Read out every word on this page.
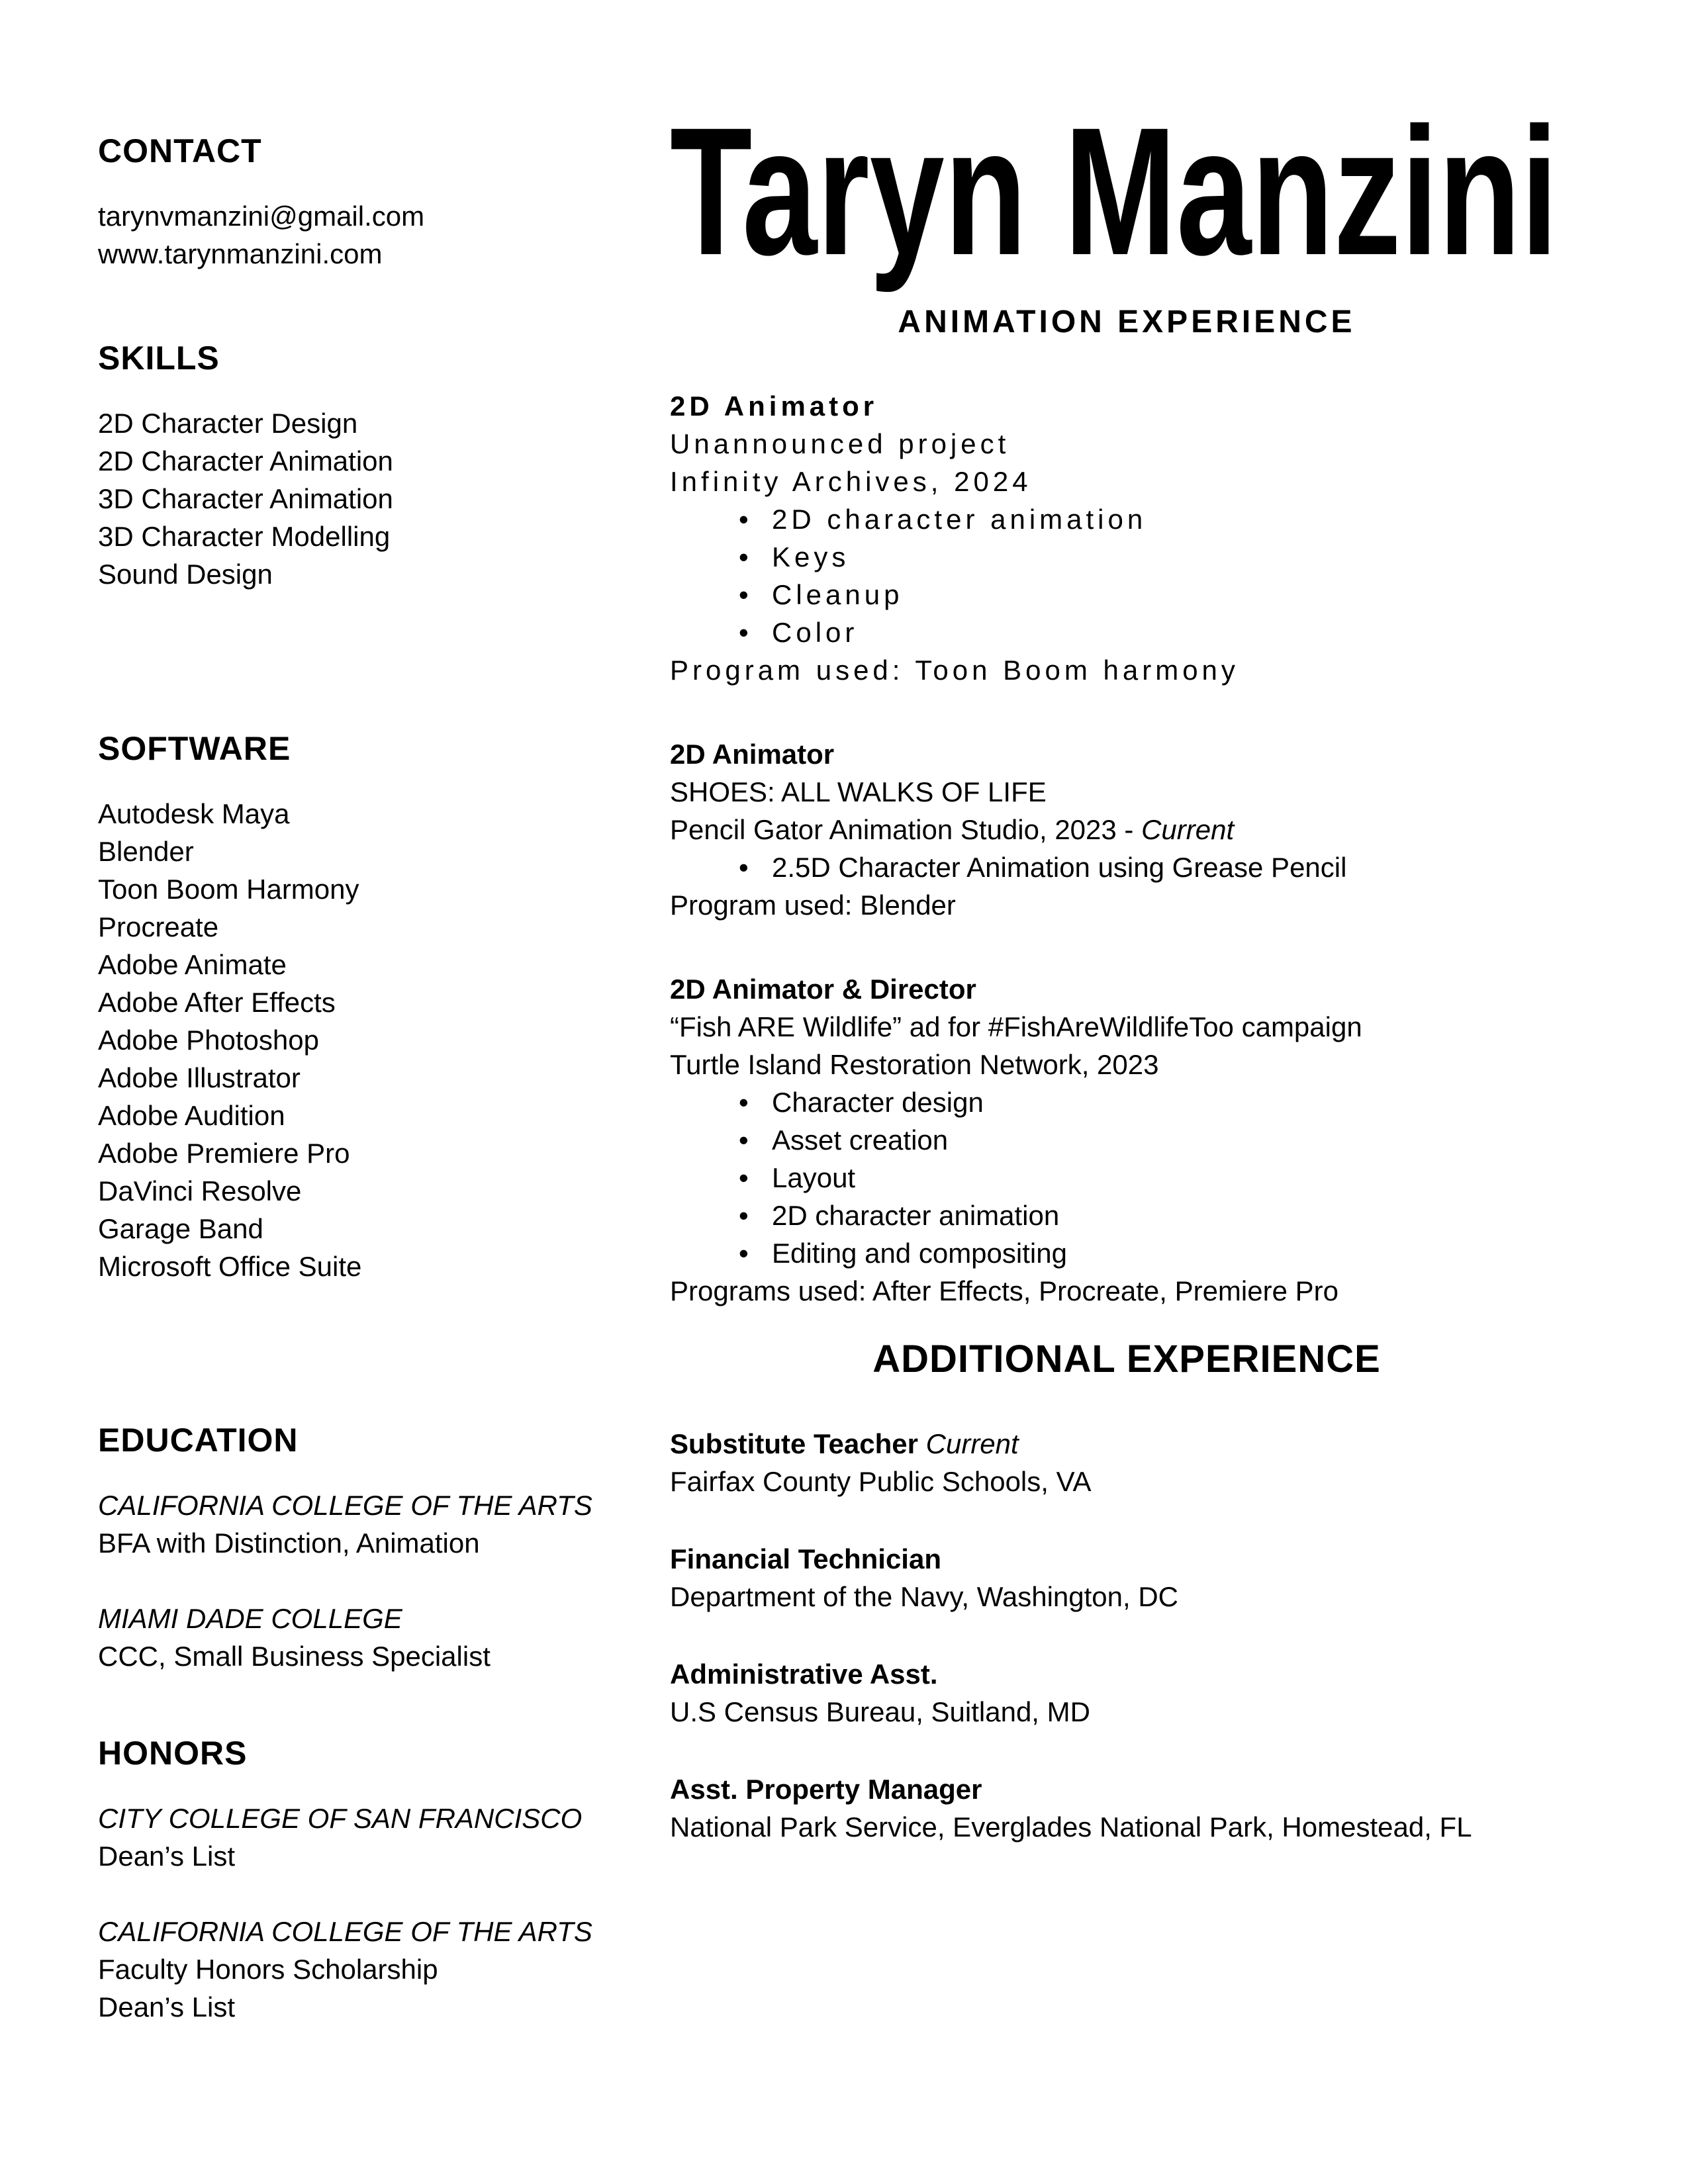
CONTACT

tarynvmanzini@gmail.com

www.tarynmanzini.com

SKILLS
2D Character Design
2D Character Animation
3D Character Animation
3D Character Modelling
Sound Design
SOFTWARE
Autodesk Maya
Blender
Toon Boom Harmony
Procreate
Adobe Animate
Adobe After Effects
Adobe Photoshop
Adobe Illustrator
Adobe Audition
Adobe Premiere Pro
DaVinci Resolve
Garage Band
Microsoft Office Suite
EDUCATION

CALIFORNIA COLLEGE OF THE ARTS

BFA with Distinction, Animation

MIAMI DADE COLLEGE

CCC, Small Business Specialist

HONORS

CITY COLLEGE OF SAN FRANCISCO

Dean’s List

CALIFORNIA COLLEGE OF THE ARTS

Faculty Honors Scholarship

Dean’s List

Taryn Manzini
ANIMATION EXPERIENCE
2D Animator

Unannounced project

Infinity Archives, 2024

• 2D character animation
• Keys
• Cleanup
• Color

Program used: Toon Boom harmony

2D Animator

SHOES: ALL WALKS OF LIFE

Pencil Gator Animation Studio, 2023 - Current

• 2.5D Character Animation using Grease Pencil

Program used: Blender

2D Animator & Director

“Fish ARE Wildlife” ad for #FishAreWildlifeToo campaign

Turtle Island Restoration Network, 2023

• Character design
• Asset creation
• Layout
• 2D character animation
• Editing and compositing

Programs used: After Effects, Procreate, Premiere Pro

ADDITIONAL EXPERIENCE
Substitute Teacher Current

Fairfax County Public Schools, VA

Financial Technician

Department of the Navy, Washington, DC

Administrative Asst.

U.S Census Bureau, Suitland, MD

Asst. Property Manager

National Park Service, Everglades National Park, Homestead, FL
